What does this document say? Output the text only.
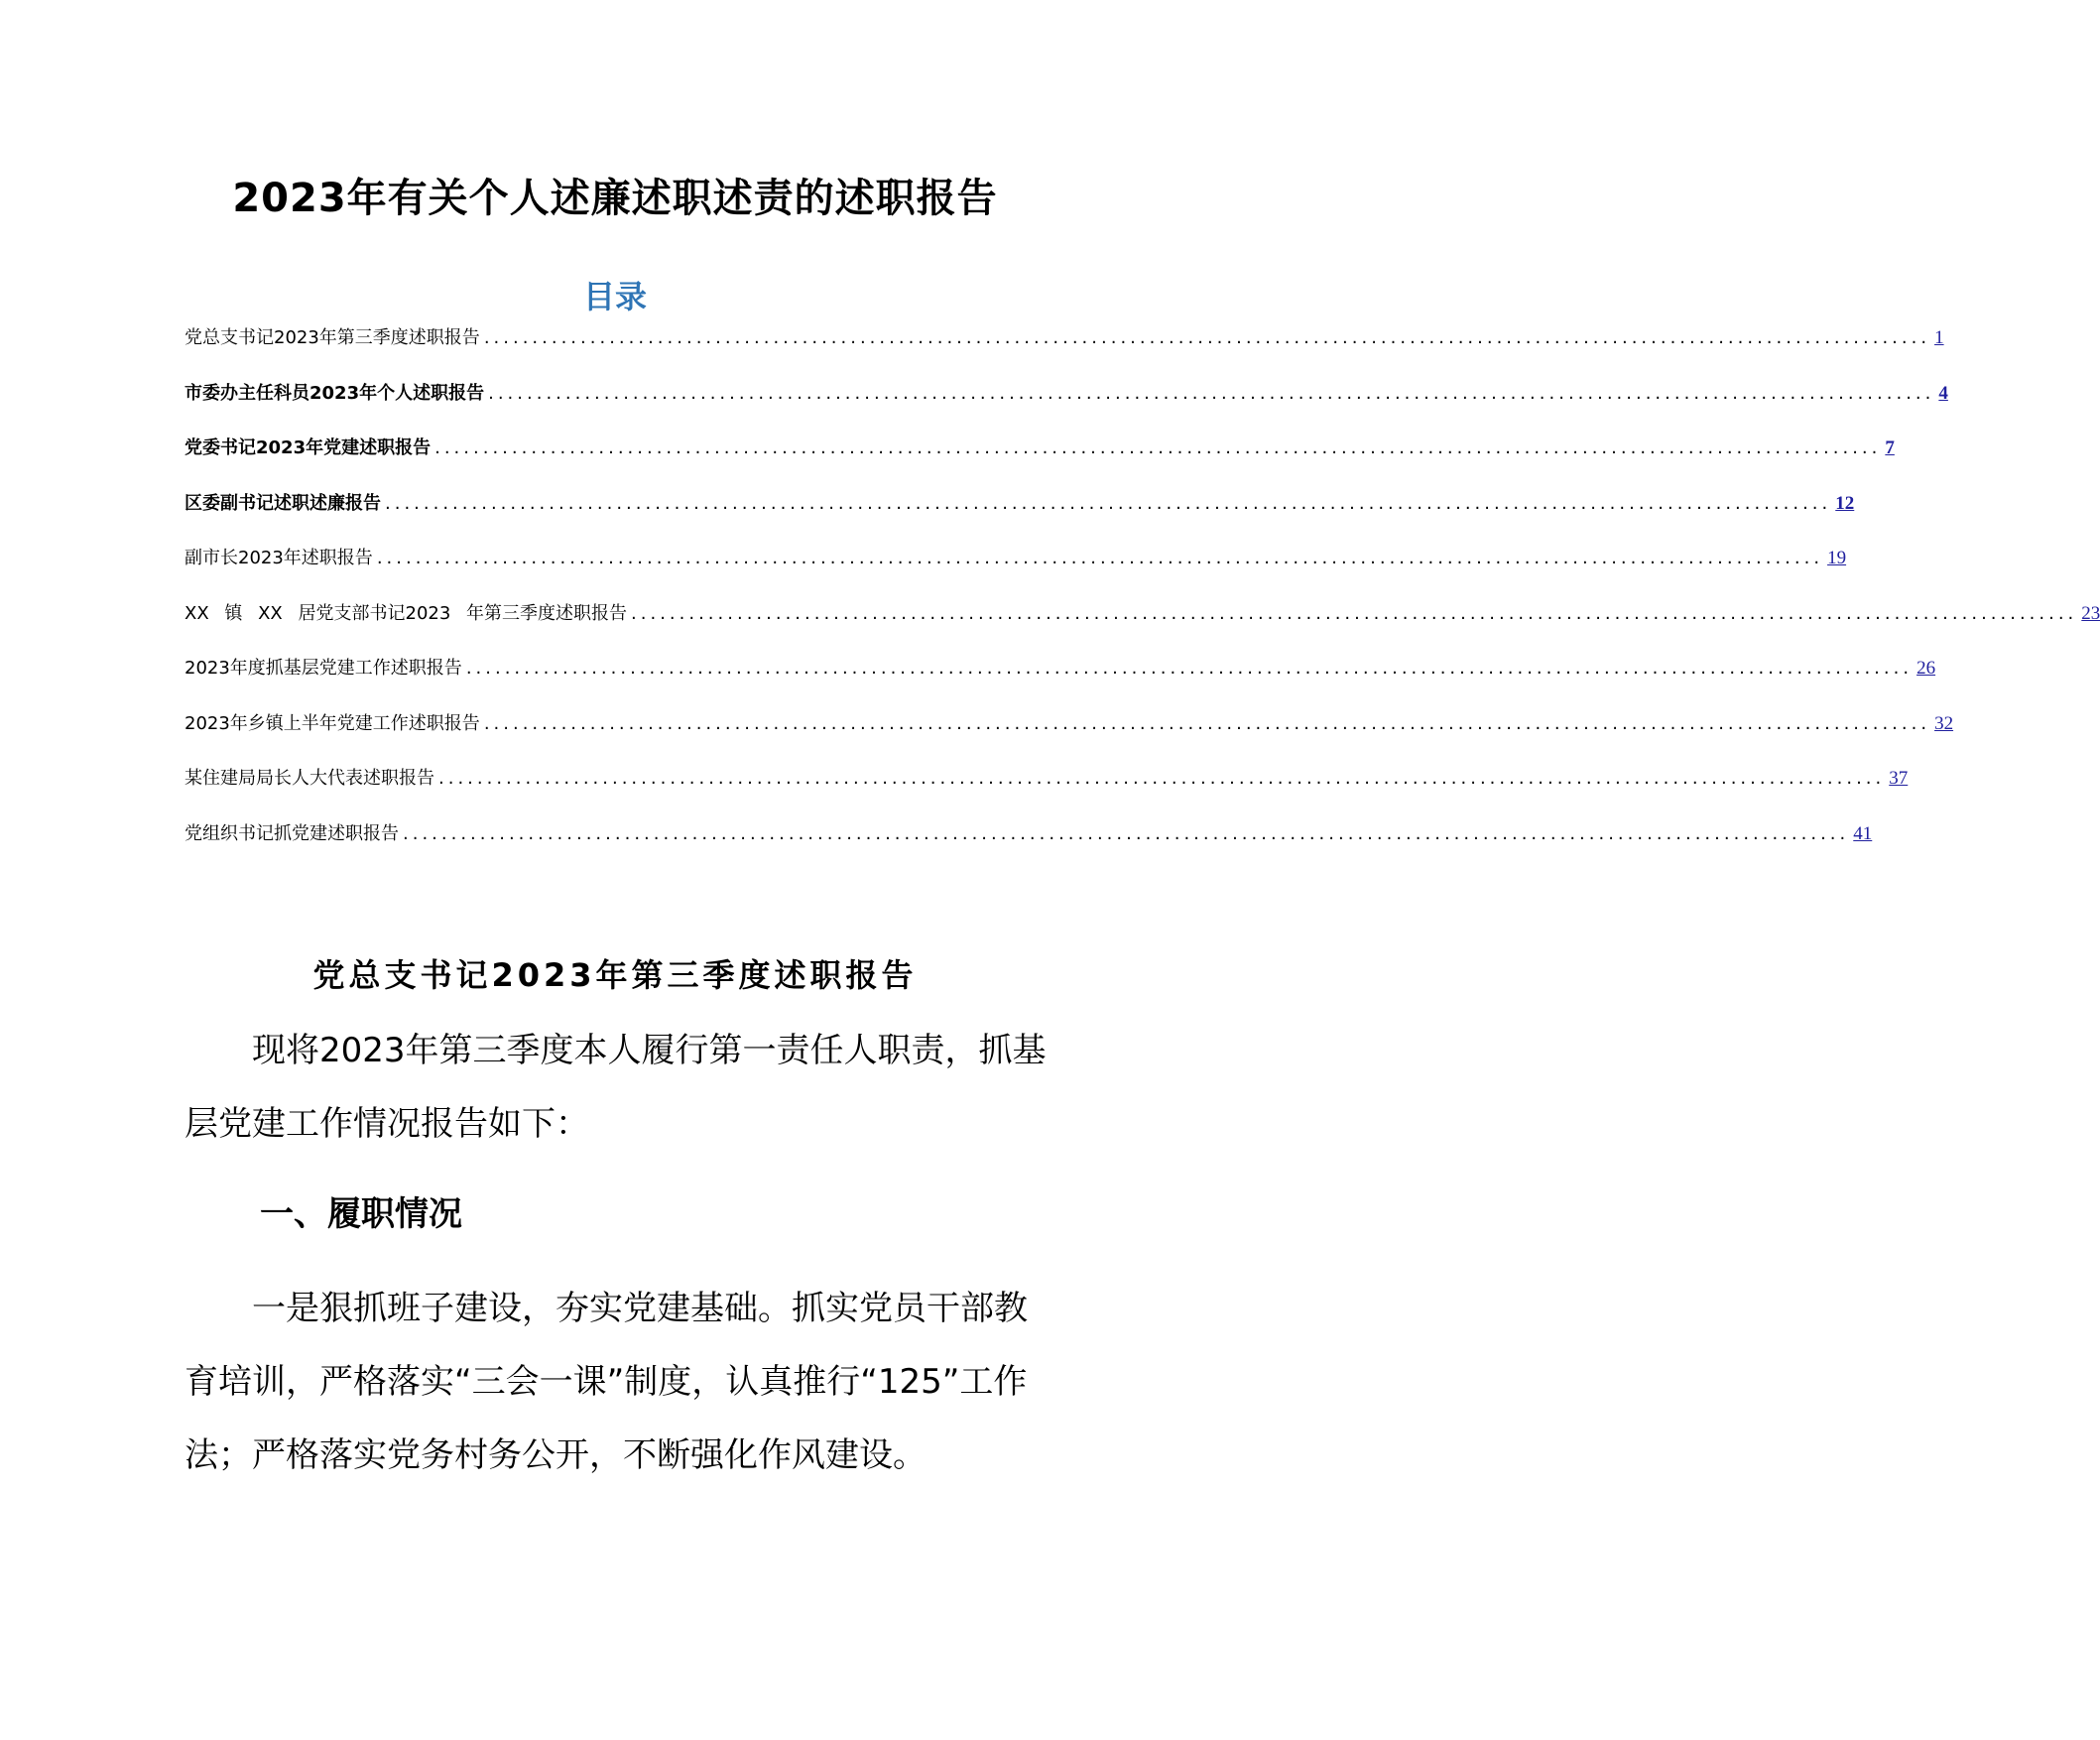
2023年有关个人述廉述职述责的述职报告
目录
党总支书记2023年第三季度述职报告 ...................................................................................................................................................... 1
市委办主任科员2023年个人述职报告 ...................................................................................................................................................... 4
党委书记2023年党建述职报告 ...................................................................................................................................................... 7
区委副书记述职述廉报告 ...................................................................................................................................................... 12
副市长2023年述职报告 ...................................................................................................................................................... 19
XX 镇 XX 居党支部书记2023 年第三季度述职报告 ...................................................................................................................................................... 23
2023年度抓基层党建工作述职报告 ...................................................................................................................................................... 26
2023年乡镇上半年党建工作述职报告 ...................................................................................................................................................... 32
某住建局局长人大代表述职报告 ...................................................................................................................................................... 37
党组织书记抓党建述职报告 ...................................................................................................................................................... 41
党总支书记2023年第三季度述职报告

现将2023年第三季度本人履行第一责任人职责，抓基层党建工作情况报告如下：

一、履职情况

一是狠抓班子建设，夯实党建基础。抓实党员干部教育培训，严格落实“三会一课”制度，认真推行“125”工作法；严格落实党务村务公开，不断强化作风建设。
